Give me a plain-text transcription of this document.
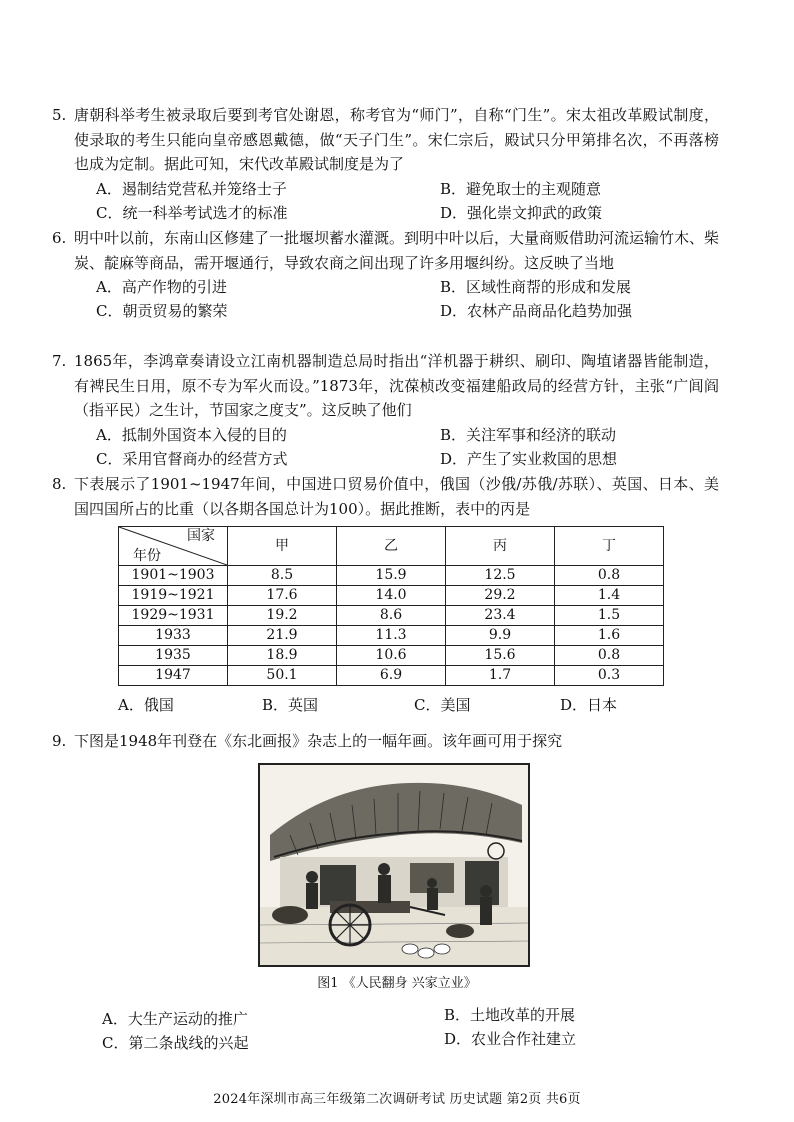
5. 唐朝科举考生被录取后要到考官处谢恩，称考官为“师门”，自称“门生”。宋太祖改革殿试制度，使录取的考生只能向皇帝感恩戴德，做“天子门生”。宋仁宗后，殿试只分甲第排名次，不再落榜也成为定制。据此可知，宋代改革殿试制度是为了

A．遏制结党营私并笼络士子	B．避免取士的主观随意
C．统一科举考试选才的标准	D．强化崇文抑武的政策
6. 明中叶以前，东南山区修建了一批堰坝蓄水灌溉。到明中叶以后，大量商贩借助河流运输竹木、柴炭、靛麻等商品，需开堰通行，导致农商之间出现了许多用堰纠纷。这反映了当地

A．高产作物的引进	B．区域性商帮的形成和发展
C．朝贡贸易的繁荣	D．农林产品商品化趋势加强
7. 1865年，李鸿章奏请设立江南机器制造总局时指出“洋机器于耕织、刷印、陶埴诸器皆能制造，有裨民生日用，原不专为军火而设。”1873年，沈葆桢改变福建船政局的经营方针，主张“广闾阎（指平民）之生计，节国家之度支”。这反映了他们

A．抵制外国资本入侵的目的	B．关注军事和经济的联动
C．采用官督商办的经营方式	D．产生了实业救国的思想
8. 下表展示了1901~1947年间，中国进口贸易价值中，俄国（沙俄/苏俄/苏联）、英国、日本、美国四国所占的比重（以各期各国总计为100）。据此推断，表中的丙是

国家
年份	甲	乙	丙	丁
1901~1903	8.5	15.9	12.5	0.8
1919~1921	17.6	14.0	29.2	1.4
1929~1931	19.2	8.6	23.4	1.5
1933	21.9	11.3	9.9	1.6
1935	18.9	10.6	15.6	0.8
1947	50.1	6.9	1.7	0.3
A．俄国	B．英国	C．美国	D．日本
9. 下图是1948年刊登在《东北画报》杂志上的一幅年画。该年画可用于探究

图1 《人民翻身 兴家立业》
A．大生产运动的推广	B．土地改革的开展
C．第二条战线的兴起	D．农业合作社建立
2024年深圳市高三年级第二次调研考试 历史试题 第2页 共6页
